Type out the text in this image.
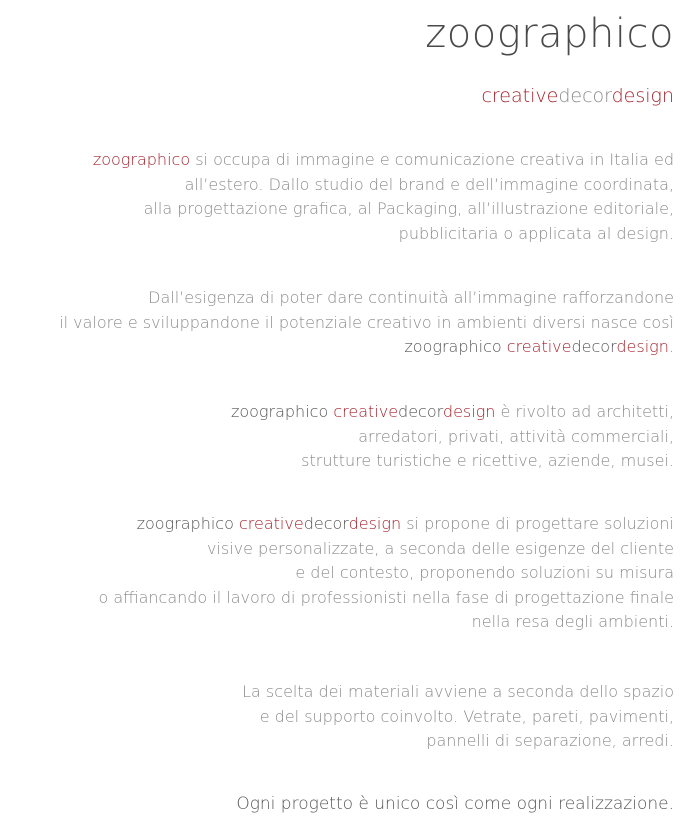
zoographico
creativedecordesign
zoographico si occupa di immagine e comunicazione creativa in Italia ed
all’estero. Dallo studio del brand e dell’immagine coordinata,
alla progettazione grafica, al Packaging, all’illustrazione editoriale,
pubblicitaria o applicata al design.
Dall’esigenza di poter dare continuità all’immagine rafforzandone
il valore e sviluppandone il potenziale creativo in ambienti diversi nasce così
zoographico creativedecordesign.
zoographico creativedecordesign è rivolto ad architetti,
arredatori, privati, attività commerciali,
strutture turistiche e ricettive, aziende, musei.
zoographico creativedecordesign si propone di progettare soluzioni
visive personalizzate, a seconda delle esigenze del cliente
e del contesto, proponendo soluzioni su misura
o affiancando il lavoro di professionisti nella fase di progettazione finale
nella resa degli ambienti.
La scelta dei materiali avviene a seconda dello spazio
e del supporto coinvolto. Vetrate, pareti, pavimenti,
pannelli di separazione, arredi.
Ogni progetto è unico così come ogni realizzazione.
